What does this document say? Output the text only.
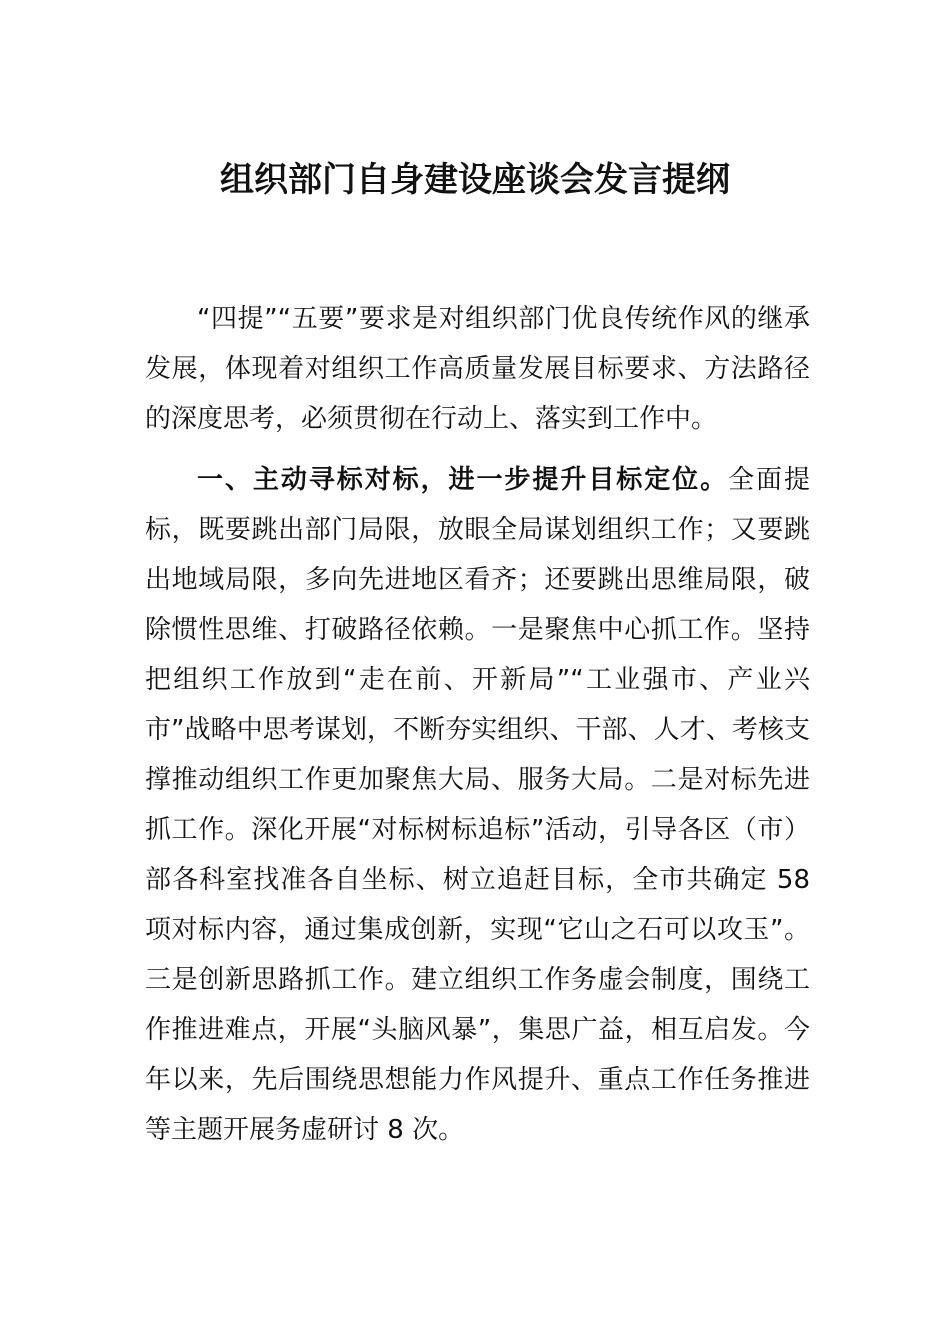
组织部门自身建设座谈会发言提纲

“四提”“五要”要求是对组织部门优良传统作风的继承发展，体现着对组织工作高质量发展目标要求、方法路径的深度思考，必须贯彻在行动上、落实到工作中。

一、主动寻标对标，进一步提升目标定位。全面提标，既要跳出部门局限，放眼全局谋划组织工作；又要跳出地域局限，多向先进地区看齐；还要跳出思维局限，破除惯性思维、打破路径依赖。一是聚焦中心抓工作。坚持把组织工作放到“走在前、开新局”“工业强市、产业兴市”战略中思考谋划，不断夯实组织、干部、人才、考核支撑推动组织工作更加聚焦大局、服务大局。二是对标先进抓工作。深化开展“对标树标追标”活动，引导各区（市）部各科室找准各自坐标、树立追赶目标，全市共确定 58 项对标内容，通过集成创新，实现“它山之石可以攻玉”。三是创新思路抓工作。建立组织工作务虚会制度，围绕工作推进难点，开展“头脑风暴”，集思广益，相互启发。今年以来，先后围绕思想能力作风提升、重点工作任务推进等主题开展务虚研讨 8 次。
